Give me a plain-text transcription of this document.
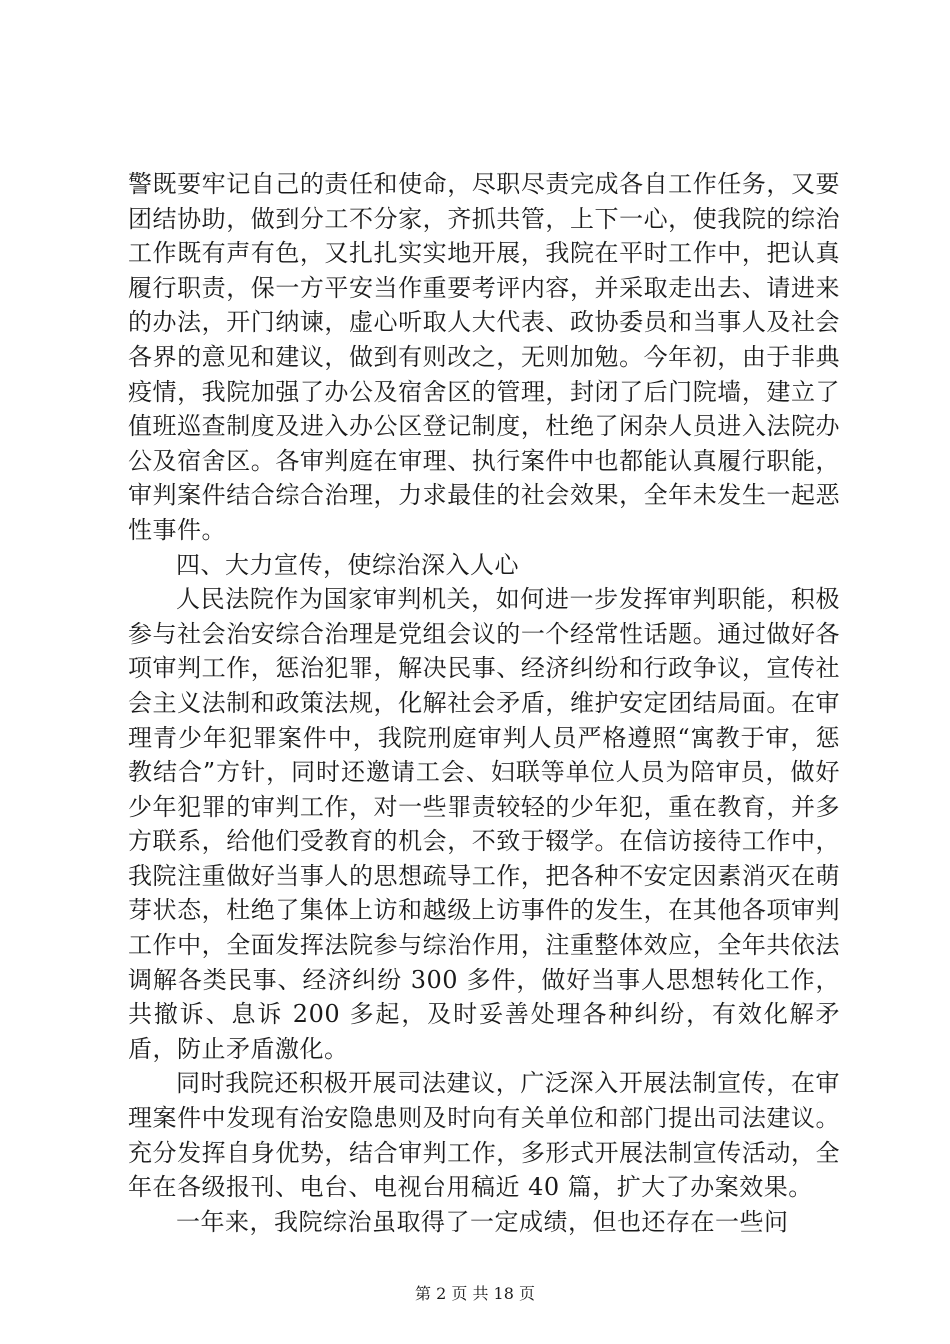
警既要牢记自己的责任和使命，尽职尽责完成各自工作任务，又要团结协助，做到分工不分家，齐抓共管，上下一心，使我院的综治工作既有声有色，又扎扎实实地开展，我院在平时工作中，把认真履行职责，保一方平安当作重要考评内容，并采取走出去、请进来的办法，开门纳谏，虚心听取人大代表、政协委员和当事人及社会各界的意见和建议，做到有则改之，无则加勉。今年初，由于非典疫情，我院加强了办公及宿舍区的管理，封闭了后门院墙，建立了值班巡查制度及进入办公区登记制度，杜绝了闲杂人员进入法院办公及宿舍区。各审判庭在审理、执行案件中也都能认真履行职能，审判案件结合综合治理，力求最佳的社会效果，全年未发生一起恶性事件。

四、大力宣传，使综治深入人心

人民法院作为国家审判机关，如何进一步发挥审判职能，积极参与社会治安综合治理是党组会议的一个经常性话题。通过做好各项审判工作，惩治犯罪，解决民事、经济纠纷和行政争议，宣传社会主义法制和政策法规，化解社会矛盾，维护安定团结局面。在审理青少年犯罪案件中，我院刑庭审判人员严格遵照“寓教于审，惩教结合”方针，同时还邀请工会、妇联等单位人员为陪审员，做好少年犯罪的审判工作，对一些罪责较轻的少年犯，重在教育，并多方联系，给他们受教育的机会，不致于辍学。在信访接待工作中，我院注重做好当事人的思想疏导工作，把各种不安定因素消灭在萌芽状态，杜绝了集体上访和越级上访事件的发生，在其他各项审判工作中，全面发挥法院参与综治作用，注重整体效应，全年共依法调解各类民事、经济纠纷 300 多件，做好当事人思想转化工作，共撤诉、息诉 200 多起，及时妥善处理各种纠纷，有效化解矛盾，防止矛盾激化。

同时我院还积极开展司法建议，广泛深入开展法制宣传，在审理案件中发现有治安隐患则及时向有关单位和部门提出司法建议。充分发挥自身优势，结合审判工作，多形式开展法制宣传活动，全年在各级报刊、电台、电视台用稿近 40 篇，扩大了办案效果。

一年来，我院综治虽取得了一定成绩，但也还存在一些问

第 2 页 共 18 页
